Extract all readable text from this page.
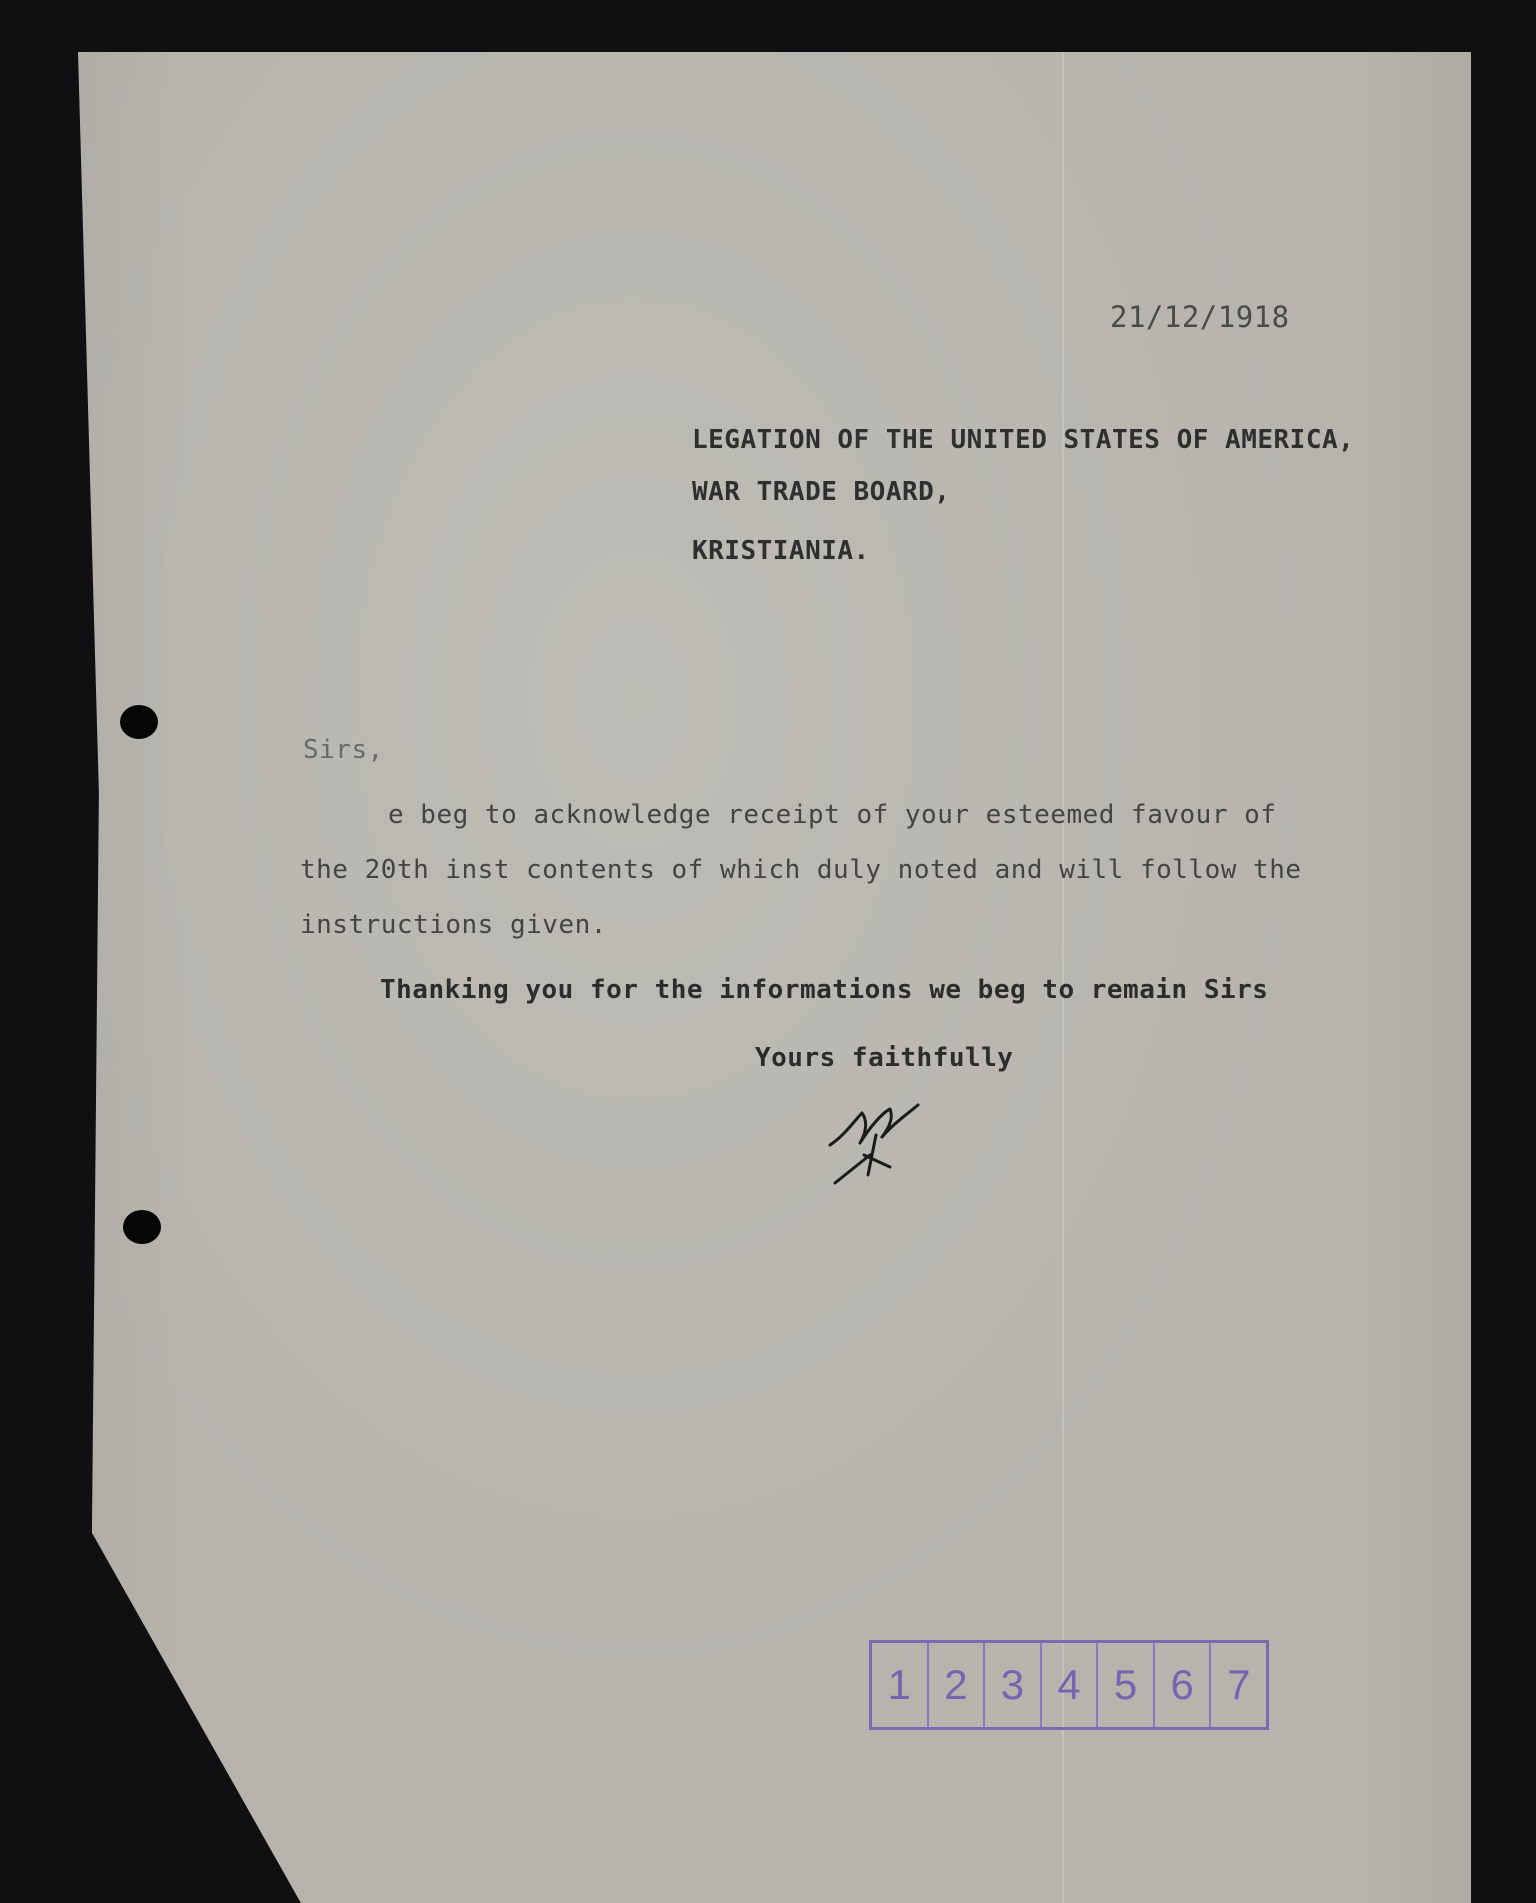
21/12/1918
LEGATION OF THE UNITED STATES OF AMERICA,
WAR TRADE BOARD,
KRISTIANIA.
Sirs,
e beg to acknowledge receipt of your esteemed favour of
the 20th inst contents of which duly noted and will follow the
instructions given.
Thanking you for the informations we beg to remain Sirs
Yours faithfully
1 2 3 4 5 6 7
